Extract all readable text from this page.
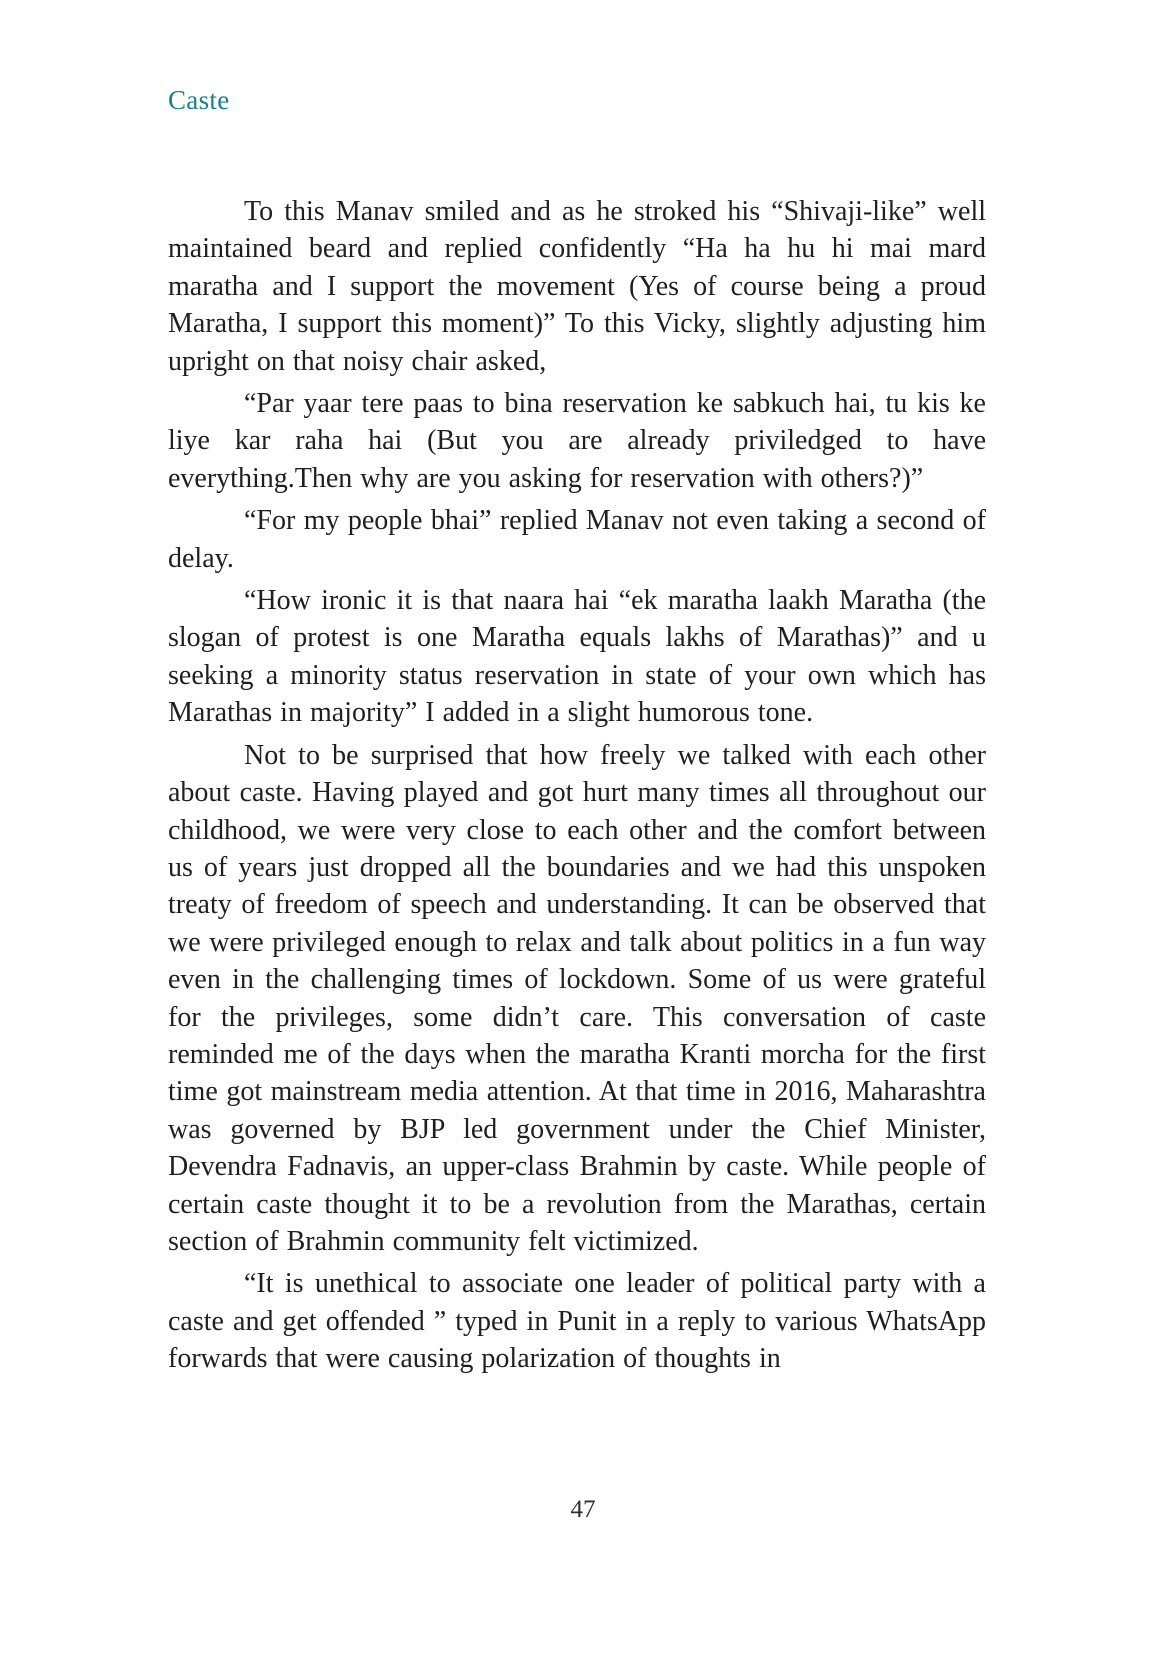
Caste

To this Manav smiled and as he stroked his “Shivaji-like” well maintained beard and replied confidently “Ha ha hu hi mai mard maratha and I support the movement (Yes of course being a proud Maratha, I support this moment)” To this Vicky, slightly adjusting him upright on that noisy chair asked,

“Par yaar tere paas to bina reservation ke sabkuch hai, tu kis ke liye kar raha hai (But you are already priviledged to have everything.Then why are you asking for reservation with others?)”

“For my people bhai” replied Manav not even taking a second of delay.

“How ironic it is that naara hai “ek maratha laakh Maratha (the slogan of protest is one Maratha equals lakhs of Marathas)” and u seeking a minority status reservation in state of your own which has Marathas in majority” I added in a slight humorous tone.

Not to be surprised that how freely we talked with each other about caste. Having played and got hurt many times all throughout our childhood, we were very close to each other and the comfort between us of years just dropped all the boundaries and we had this unspoken treaty of freedom of speech and understanding. It can be observed that we were privileged enough to relax and talk about politics in a fun way even in the challenging times of lockdown. Some of us were grateful for the privileges, some didn’t care. This conversation of caste reminded me of the days when the maratha Kranti morcha for the first time got mainstream media attention. At that time in 2016, Maharashtra was governed by BJP led government under the Chief Minister, Devendra Fadnavis, an upper-class Brahmin by caste. While people of certain caste thought it to be a revolution from the Marathas, certain section of Brahmin community felt victimized.

“It is unethical to associate one leader of political party with a caste and get offended ” typed in Punit in a reply to various WhatsApp forwards that were causing polarization of thoughts in

47
